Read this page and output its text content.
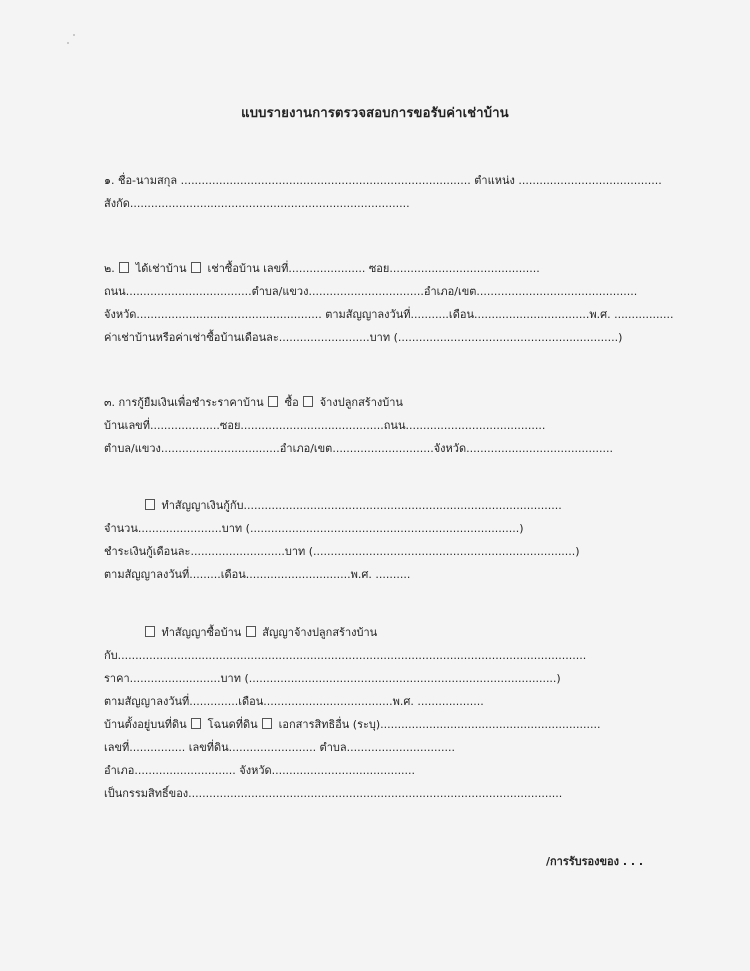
แบบรายงานการตรวจสอบการขอรับค่าเช่าบ้าน
๑. ชื่อ-นามสกุล ................................................................................... ตำแหน่ง .........................................
สังกัด................................................................................
๒.  ได้เช่าบ้าน  เช่าซื้อบ้าน เลขที่...................... ซอย...........................................
ถนน....................................ตำบล/แขวง.................................อำเภอ/เขต..............................................
จังหวัด..................................................... ตามสัญญาลงวันที่...........เดือน.................................พ.ศ. .................
ค่าเช่าบ้านหรือค่าเช่าซื้อบ้านเดือนละ..........................บาท (...............................................................)
๓. การกู้ยืมเงินเพื่อชำระราคาบ้าน  ซื้อ  จ้างปลูกสร้างบ้าน
บ้านเลขที่....................ซอย.........................................ถนน........................................
ตำบล/แขวง..................................อำเภอ/เขต.............................จังหวัด..........................................
ทำสัญญาเงินกู้กับ...........................................................................................
จำนวน........................บาท (.............................................................................)
ชำระเงินกู้เดือนละ...........................บาท (...........................................................................)
ตามสัญญาลงวันที่.........เดือน..............................พ.ศ. ..........
ทำสัญญาซื้อบ้าน  สัญญาจ้างปลูกสร้างบ้าน
กับ......................................................................................................................................
ราคา..........................บาท (........................................................................................)
ตามสัญญาลงวันที่..............เดือน.....................................พ.ศ. ...................
บ้านตั้งอยู่บนที่ดิน  โฉนดที่ดิน  เอกสารสิทธิอื่น (ระบุ)...............................................................
เลขที่................ เลขที่ดิน......................... ตำบล...............................
อำเภอ............................. จังหวัด.........................................
เป็นกรรมสิทธิ์ของ...........................................................................................................
/การรับรองของ . . .
